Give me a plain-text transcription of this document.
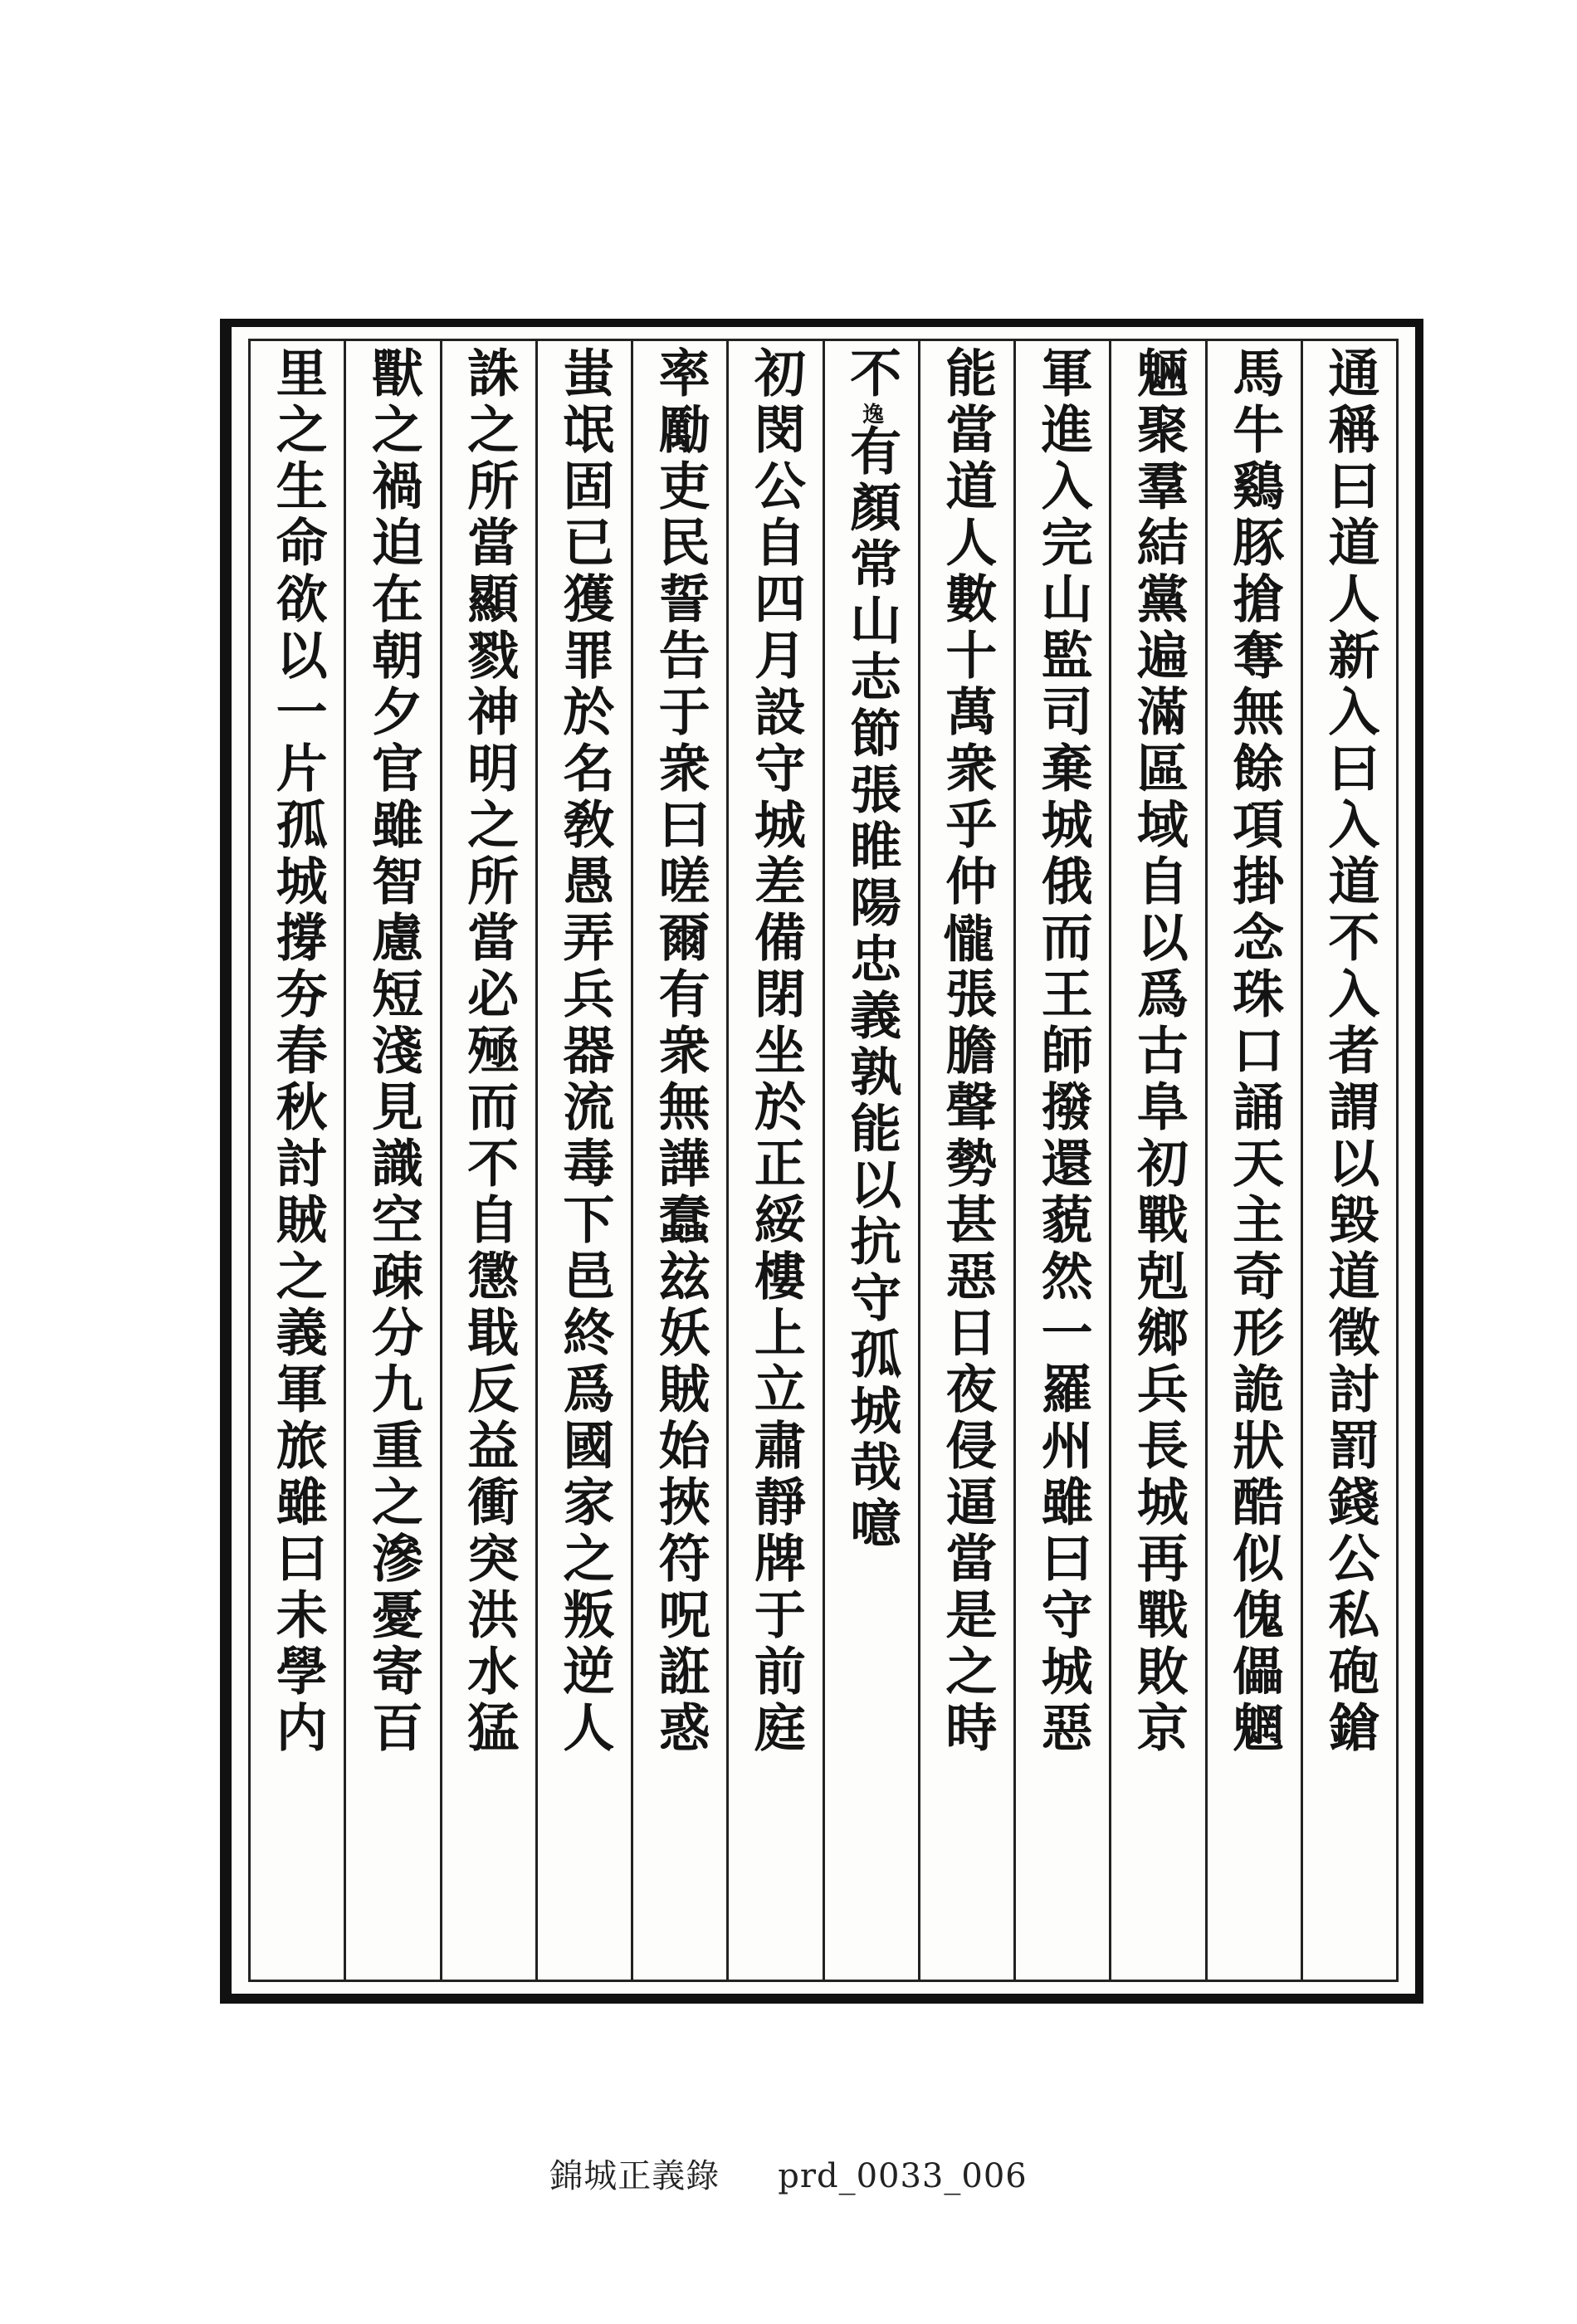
通稱曰道人新入曰入道不入者謂以毀道徵討罰錢公私砲鎗
馬牛鷄豚搶奪無餘項掛念珠口誦天主奇形詭狀酷似傀儡魍
魎聚羣結黨遍滿區域自以爲古阜初戰剋鄉兵長城再戰敗京
軍進入完山監司棄城俄而王師撥還藐然一羅州雖曰守城惡
能當道人數十萬衆乎仲𢤱張膽聲勢甚惡日夜侵逼當是之時
不逸有顏常山志節張睢陽忠義孰能以抗守孤城哉噫
初閔公自四月設守城差備閉坐於正綏樓上立肅靜牌于前庭
率勵吏民誓告于衆曰嗟爾有衆無譁蠢玆妖賊始挾符呪誑惑
蚩氓固已獲罪於名敎愚弄兵器流毒下邑終爲國家之叛逆人
誅之所當顯戮神明之所當必殛而不自懲戢反益衝突洪水猛
獸之禍迫在朝夕官雖智慮短淺見識空疎分九重之滲憂寄百
里之生命欲以一片孤城撐夯春秋討賊之義軍旅雖曰未學内
錦城正義錄 prd_0033_006
